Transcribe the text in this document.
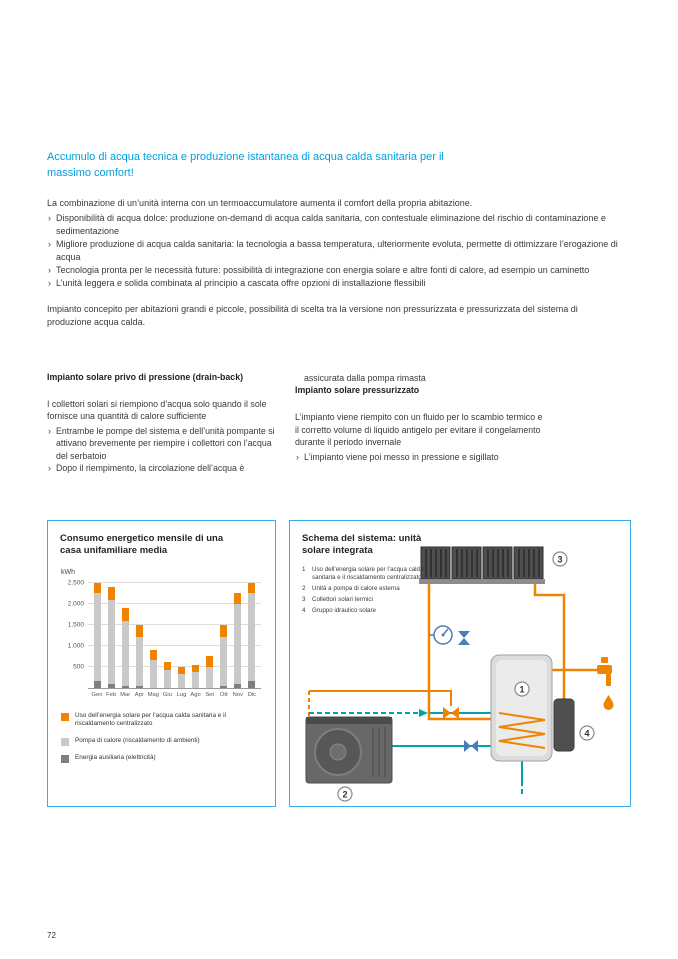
Accumulo di acqua tecnica e produzione istantanea di acqua calda sanitaria per il massimo comfort!

La combinazione di un’unità interna con un termoaccumulatore aumenta il comfort della propria abitazione.

› Disponibilità di acqua dolce: produzione on-demand di acqua calda sanitaria, con contestuale eliminazione del rischio di contaminazione e sedimentazione
› Migliore produzione di acqua calda sanitaria: la tecnologia a bassa temperatura, ulteriormente evoluta, permette di ottimizzare l’erogazione di acqua
› Tecnologia pronta per le necessità future: possibilità di integrazione con energia solare e altre fonti di calore, ad esempio un caminetto
› L’unità leggera e solida combinata al principio a cascata offre opzioni di installazione flessibili

Impianto concepito per abitazioni grandi e piccole, possibilità di scelta tra la versione non pressurizzata e pressurizzata del sistema di produzione acqua calda.

Impianto solare privo di pressione (drain-back)

I collettori solari si riempiono d’acqua solo quando il sole fornisce una quantità di calore sufficiente

› Entrambe le pompe del sistema e dell’unità pompante si attivano brevemente per riempire i collettori con l’acqua del serbatoio
› Dopo il riempimento, la circolazione dell’acqua è

assicurata dalla pompa rimasta

Impianto solare pressurizzato

L’impianto viene riempito con un fluido per lo scambio termico e il corretto volume di liquido antigelo per evitare il congelamento durante il periodo invernale

› L’impianto viene poi messo in pressione e sigillato
Consumo energetico mensile di una casa unifamiliare media
kWh
2.500
2.000
1.500
1.000
500
Gen Feb Mar Apr Mag Giu Lug Ago Set	Ott Nov Dic
Uso dell’energia solare per l’acqua calda sanitaria e il riscaldamento centralizzato
Pompa di calore (riscaldamento di ambienti)
Energia ausiliaria (elettricità)
Schema del sistema: unità solare integrata
1	Uso dell’energia solare per l’acqua calda sanitaria e il riscaldamento centralizzato
2	Unità a pompa di calore esterna
3	Collettori solari termici
4	Gruppo idraulico solare
1
2
3
4
72
